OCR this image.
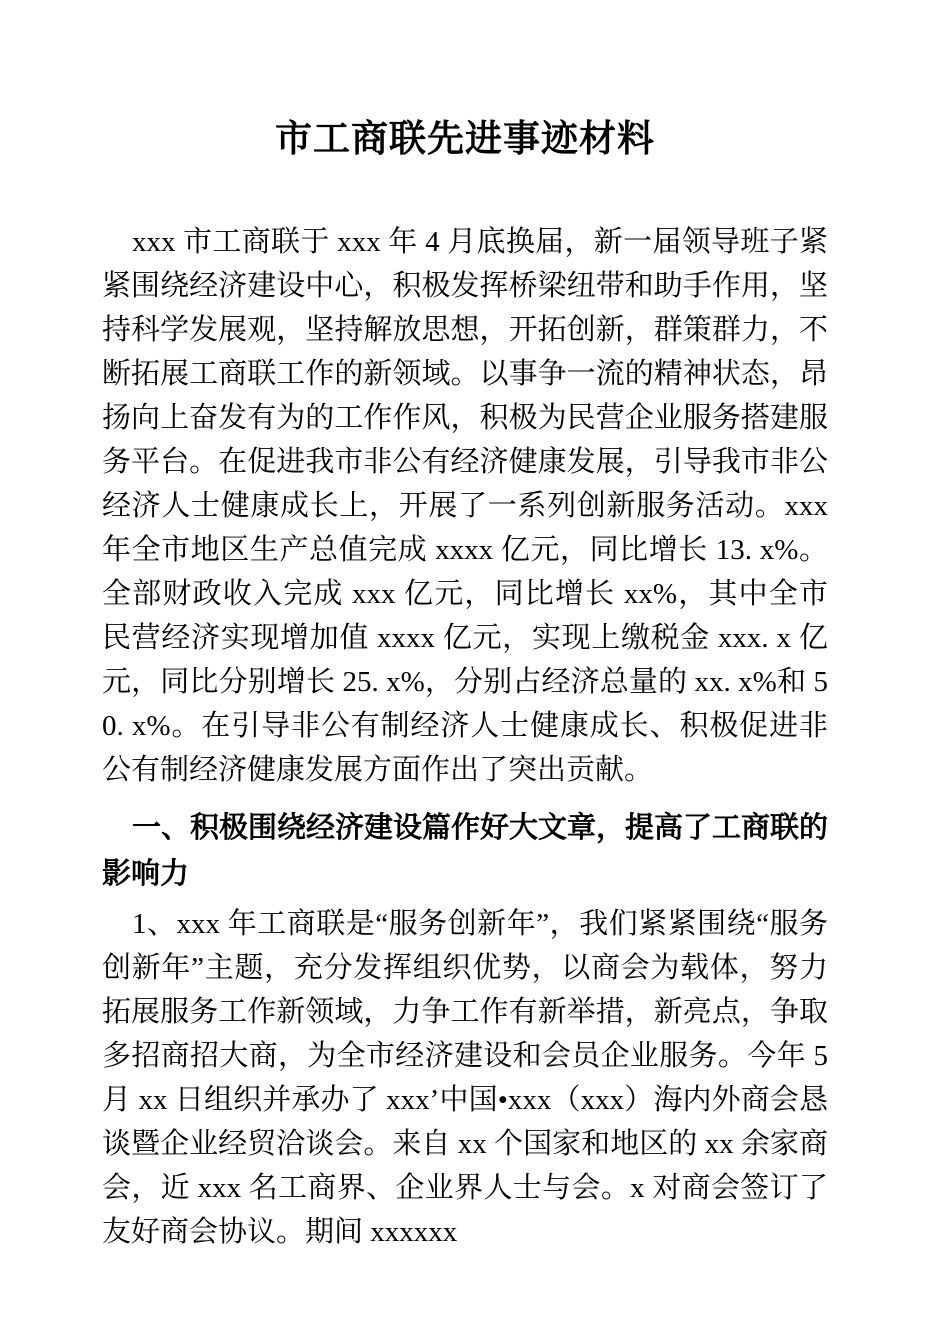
市工商联先进事迹材料

xxx 市工商联于 xxx 年 4 月底换届，新一届领导班子紧紧围绕经济建设中心，积极发挥桥梁纽带和助手作用，坚持科学发展观，坚持解放思想，开拓创新，群策群力，不断拓展工商联工作的新领域。以事争一流的精神状态，昂扬向上奋发有为的工作作风，积极为民营企业服务搭建服务平台。在促进我市非公有经济健康发展，引导我市非公经济人士健康成长上，开展了一系列创新服务活动。xxx 年全市地区生产总值完成 xxxx 亿元，同比增长 13. x%。全部财政收入完成 xxx 亿元，同比增长 xx%，其中全市民营经济实现增加值 xxxx 亿元，实现上缴税金 xxx. x 亿元，同比分别增长 25. x%，分别占经济总量的 xx. x%和 50. x%。在引导非公有制经济人士健康成长、积极促进非公有制经济健康发展方面作出了突出贡献。

一、积极围绕经济建设篇作好大文章，提高了工商联的影响力

1、xxx 年工商联是“服务创新年”，我们紧紧围绕“服务创新年”主题，充分发挥组织优势，以商会为载体，努力拓展服务工作新领域，力争工作有新举措，新亮点，争取多招商招大商，为全市经济建设和会员企业服务。今年 5 月 xx 日组织并承办了 xxx’中国•xxx（xxx）海内外商会恳谈暨企业经贸洽谈会。来自 xx 个国家和地区的 xx 余家商会，近 xxx 名工商界、企业界人士与会。x 对商会签订了友好商会协议。期间 xxxxxx
